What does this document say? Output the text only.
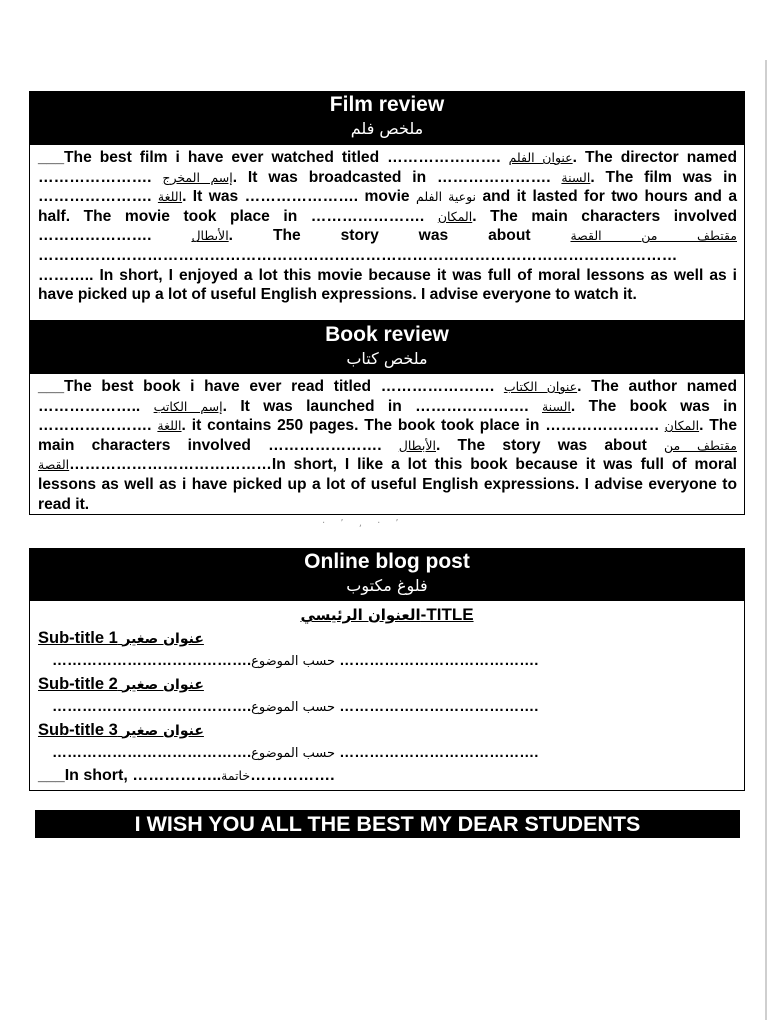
Film review
ملخص فلم
___The best film i have ever watched titled …………………. عنوان الفلم. The director named …………………. إسم المخرج. It was broadcasted in …………………. السنة. The film was in …………………. اللغة. It was …………………. movie نوعية الفلم and it lasted for two hours and a half. The movie took place in …………………. المكان. The main characters involved …………………. الأبطال. The story was about مقتطف من القصة …………………………………………………………………………………………………………… ……….. In short, I enjoyed a lot this movie because it was full of moral lessons as well as i have picked up a lot of useful English expressions. I advise everyone to watch it.
Book review
ملخص كتاب
___The best book i have ever read titled …………………. عنوان الكتاب. The author named ……………….. إسم الكاتب. It was launched in …………………. السنة. The book was in …………………. اللغة. it contains 250 pages. The book took place in …………………. المكان. The main characters involved …………………. الأبطال. The story was about مقتطف من القصة…………………………………In short, I like a lot this book because it was full of moral lessons as well as i have picked up a lot of useful English expressions. I advise everyone to read it.
· ’ ‚ · ’
Online blog post
فلوغ مكتوب
العنوان الرئيسي-TITLE
Sub-title 1 عنوان صغير
………………………………….حسب الموضوع ………………………………….
Sub-title 2 عنوان صغير
………………………………….حسب الموضوع ………………………………….
Sub-title 3 عنوان صغير
………………………………….حسب الموضوع ………………………………….
___In short, ……………..خاتمة…………….
I WISH YOU ALL THE BEST MY DEAR STUDENTS
